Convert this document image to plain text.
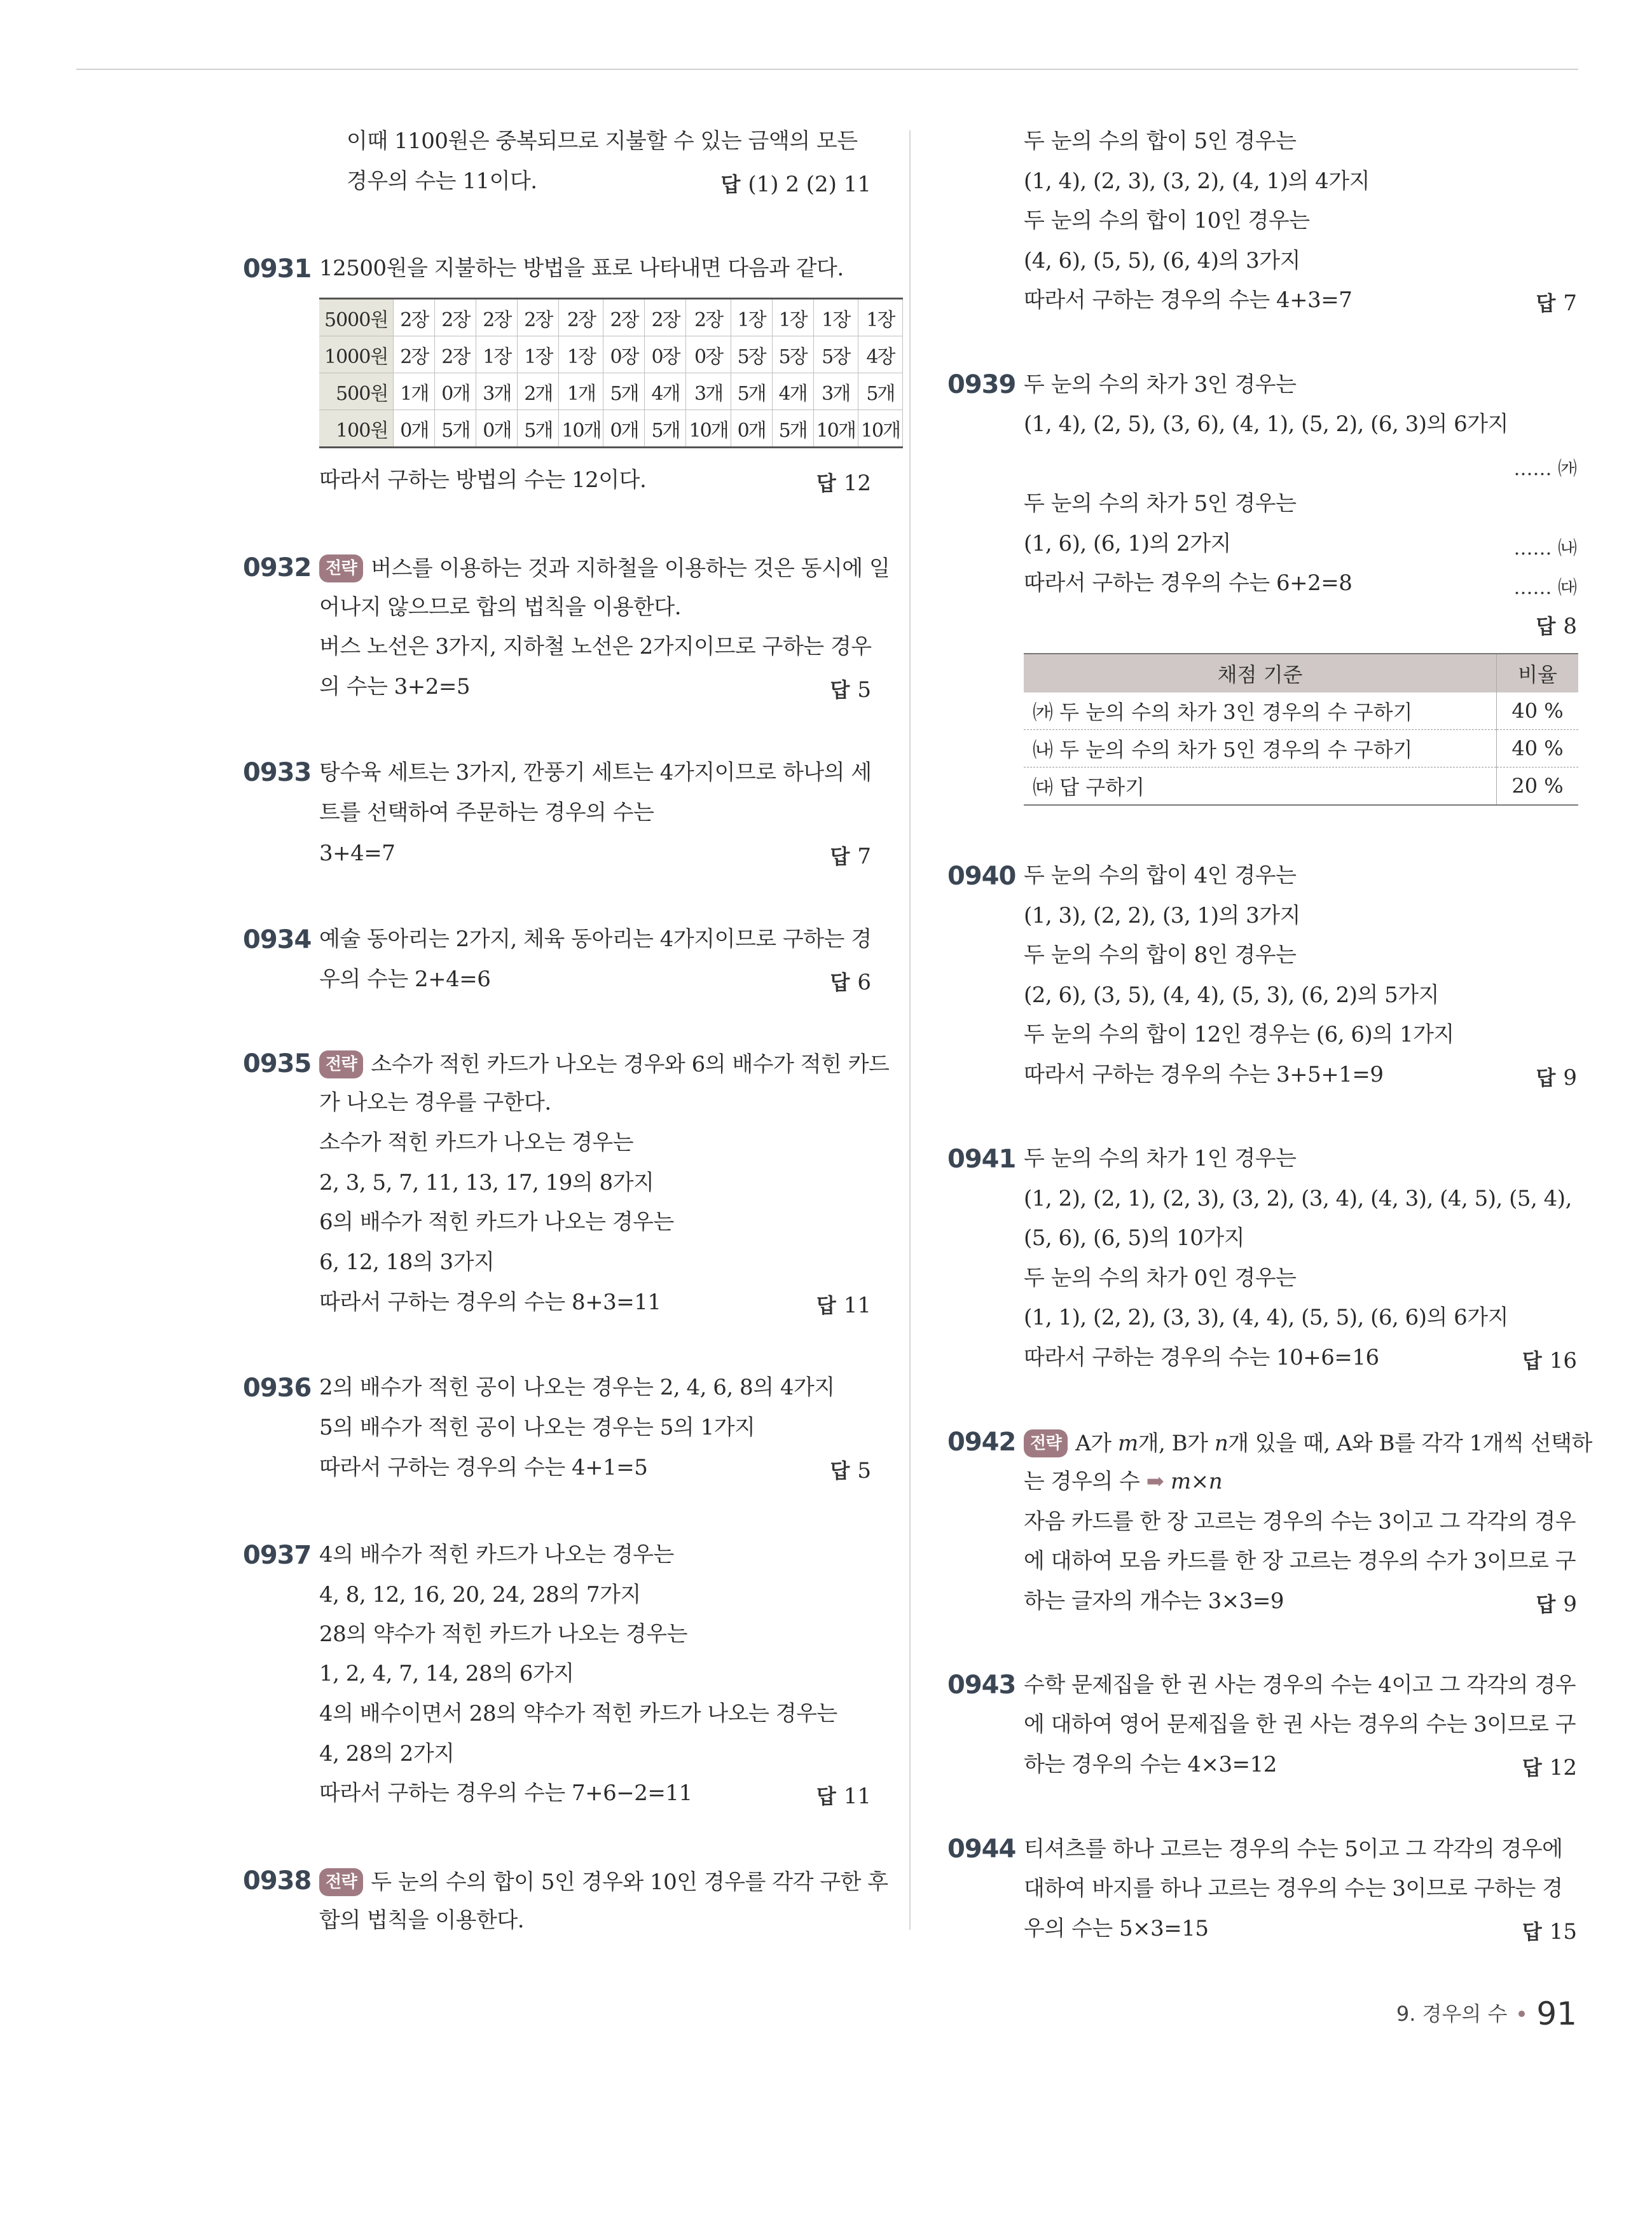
이때 1100원은 중복되므로 지불할 수 있는 금액의 모든
경우의 수는 11이다.	답 (1) 2 (2) 11
0931 12500원을 지불하는 방법을 표로 나타내면 다음과 같다.
5000원	2장	2장	2장	2장	2장	2장	2장	2장	1장	1장	1장	1장
1000원	2장	2장	1장	1장	1장	0장	0장	0장	5장	5장	5장	4장
500원	1개	0개	3개	2개	1개	5개	4개	3개	5개	4개	3개	5개
100원	0개	5개	0개	5개	10개	0개	5개	10개	0개	5개	10개	10개
따라서 구하는 방법의 수는 12이다.	답 12
0932 전략 버스를 이용하는 것과 지하철을 이용하는 것은 동시에 일
어나지 않으므로 합의 법칙을 이용한다.
버스 노선은 3가지, 지하철 노선은 2가지이므로 구하는 경우
의 수는 3+2=5	답 5
0933 탕수육 세트는 3가지, 깐풍기 세트는 4가지이므로 하나의 세
트를 선택하여 주문하는 경우의 수는
3+4=7	답 7
0934 예술 동아리는 2가지, 체육 동아리는 4가지이므로 구하는 경
우의 수는 2+4=6	답 6
0935 전략 소수가 적힌 카드가 나오는 경우와 6의 배수가 적힌 카드
가 나오는 경우를 구한다.
소수가 적힌 카드가 나오는 경우는
2, 3, 5, 7, 11, 13, 17, 19의 8가지
6의 배수가 적힌 카드가 나오는 경우는
6, 12, 18의 3가지
따라서 구하는 경우의 수는 8+3=11	답 11
0936 2의 배수가 적힌 공이 나오는 경우는 2, 4, 6, 8의 4가지
5의 배수가 적힌 공이 나오는 경우는 5의 1가지
따라서 구하는 경우의 수는 4+1=5	답 5
0937 4의 배수가 적힌 카드가 나오는 경우는
4, 8, 12, 16, 20, 24, 28의 7가지
28의 약수가 적힌 카드가 나오는 경우는
1, 2, 4, 7, 14, 28의 6가지
4의 배수이면서 28의 약수가 적힌 카드가 나오는 경우는
4, 28의 2가지
따라서 구하는 경우의 수는 7+6−2=11	답 11
0938 전략 두 눈의 수의 합이 5인 경우와 10인 경우를 각각 구한 후
합의 법칙을 이용한다.
두 눈의 수의 합이 5인 경우는
(1, 4), (2, 3), (3, 2), (4, 1)의 4가지
두 눈의 수의 합이 10인 경우는
(4, 6), (5, 5), (6, 4)의 3가지
따라서 구하는 경우의 수는 4+3=7	답 7
0939 두 눈의 수의 차가 3인 경우는
(1, 4), (2, 5), (3, 6), (4, 1), (5, 2), (6, 3)의 6가지
…… ㈎
두 눈의 수의 차가 5인 경우는
(1, 6), (6, 1)의 2가지	…… ㈏
따라서 구하는 경우의 수는 6+2=8	…… ㈐
답 8
채점 기준	비율
㈎ 두 눈의 수의 차가 3인 경우의 수 구하기	40 %
㈏ 두 눈의 수의 차가 5인 경우의 수 구하기	40 %
㈐ 답 구하기	20 %
0940 두 눈의 수의 합이 4인 경우는
(1, 3), (2, 2), (3, 1)의 3가지
두 눈의 수의 합이 8인 경우는
(2, 6), (3, 5), (4, 4), (5, 3), (6, 2)의 5가지
두 눈의 수의 합이 12인 경우는 (6, 6)의 1가지
따라서 구하는 경우의 수는 3+5+1=9	답 9
0941 두 눈의 수의 차가 1인 경우는
(1, 2), (2, 1), (2, 3), (3, 2), (3, 4), (4, 3), (4, 5), (5, 4),
(5, 6), (6, 5)의 10가지
두 눈의 수의 차가 0인 경우는
(1, 1), (2, 2), (3, 3), (4, 4), (5, 5), (6, 6)의 6가지
따라서 구하는 경우의 수는 10+6=16	답 16
0942 전략 A가 m개, B가 n개 있을 때, A와 B를 각각 1개씩 선택하
는 경우의 수 ➡ m×n
자음 카드를 한 장 고르는 경우의 수는 3이고 그 각각의 경우
에 대하여 모음 카드를 한 장 고르는 경우의 수가 3이므로 구
하는 글자의 개수는 3×3=9	답 9
0943 수학 문제집을 한 권 사는 경우의 수는 4이고 그 각각의 경우
에 대하여 영어 문제집을 한 권 사는 경우의 수는 3이므로 구
하는 경우의 수는 4×3=12	답 12
0944 티셔츠를 하나 고르는 경우의 수는 5이고 그 각각의 경우에
대하여 바지를 하나 고르는 경우의 수는 3이므로 구하는 경
우의 수는 5×3=15	답 15
9. 경우의 수 91
